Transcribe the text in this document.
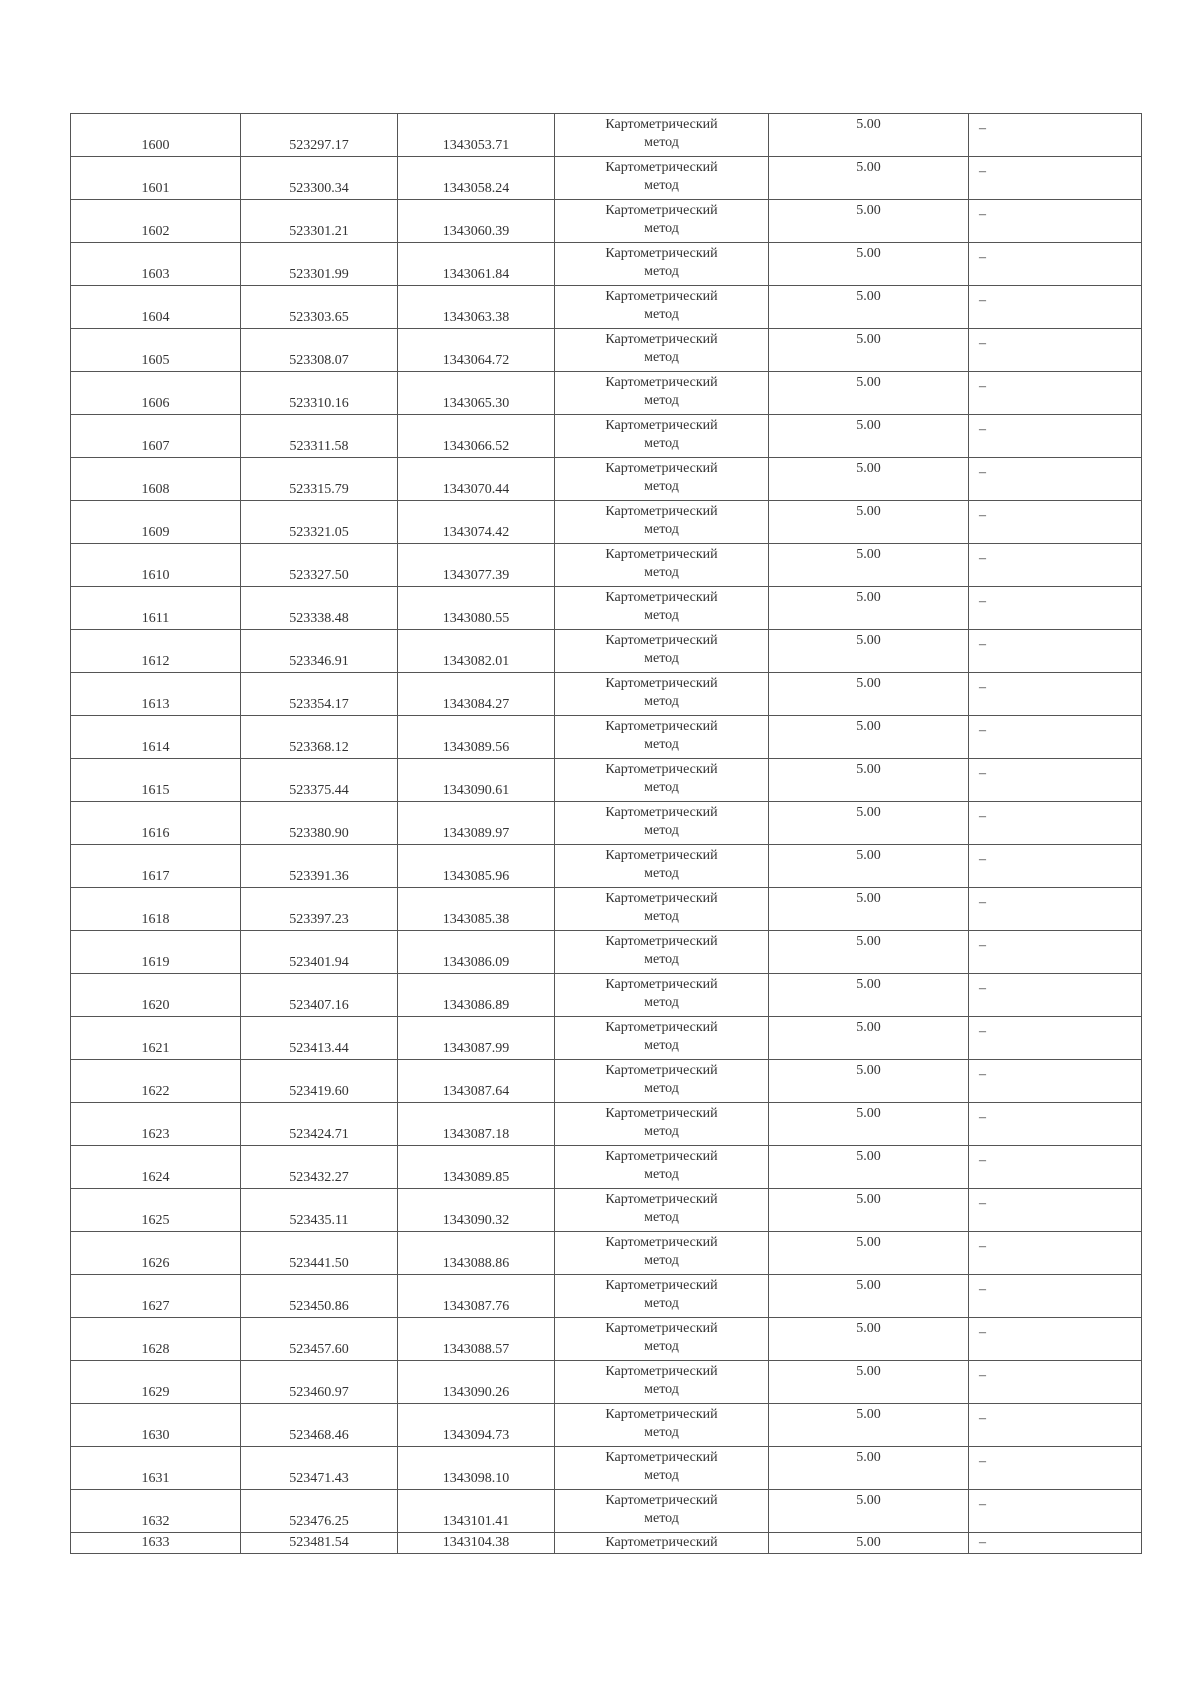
1600	523297.17	1343053.71	Картометрический
метод	5.00	–

1601	523300.34	1343058.24	Картометрический
метод	5.00	–

1602	523301.21	1343060.39	Картометрический
метод	5.00	–

1603	523301.99	1343061.84	Картометрический
метод	5.00	–

1604	523303.65	1343063.38	Картометрический
метод	5.00	–

1605	523308.07	1343064.72	Картометрический
метод	5.00	–

1606	523310.16	1343065.30	Картометрический
метод	5.00	–

1607	523311.58	1343066.52	Картометрический
метод	5.00	–

1608	523315.79	1343070.44	Картометрический
метод	5.00	–

1609	523321.05	1343074.42	Картометрический
метод	5.00	–

1610	523327.50	1343077.39	Картометрический
метод	5.00	–

1611	523338.48	1343080.55	Картометрический
метод	5.00	–

1612	523346.91	1343082.01	Картометрический
метод	5.00	–

1613	523354.17	1343084.27	Картометрический
метод	5.00	–

1614	523368.12	1343089.56	Картометрический
метод	5.00	–

1615	523375.44	1343090.61	Картометрический
метод	5.00	–

1616	523380.90	1343089.97	Картометрический
метод	5.00	–

1617	523391.36	1343085.96	Картометрический
метод	5.00	–

1618	523397.23	1343085.38	Картометрический
метод	5.00	–

1619	523401.94	1343086.09	Картометрический
метод	5.00	–

1620	523407.16	1343086.89	Картометрический
метод	5.00	–

1621	523413.44	1343087.99	Картометрический
метод	5.00	–

1622	523419.60	1343087.64	Картометрический
метод	5.00	–

1623	523424.71	1343087.18	Картометрический
метод	5.00	–

1624	523432.27	1343089.85	Картометрический
метод	5.00	–

1625	523435.11	1343090.32	Картометрический
метод	5.00	–

1626	523441.50	1343088.86	Картометрический
метод	5.00	–

1627	523450.86	1343087.76	Картометрический
метод	5.00	–

1628	523457.60	1343088.57	Картометрический
метод	5.00	–

1629	523460.97	1343090.26	Картометрический
метод	5.00	–

1630	523468.46	1343094.73	Картометрический
метод	5.00	–

1631	523471.43	1343098.10	Картометрический
метод	5.00	–

1632	523476.25	1343101.41	Картометрический
метод	5.00	–

1633	523481.54	1343104.38	Картометрический	5.00	–
